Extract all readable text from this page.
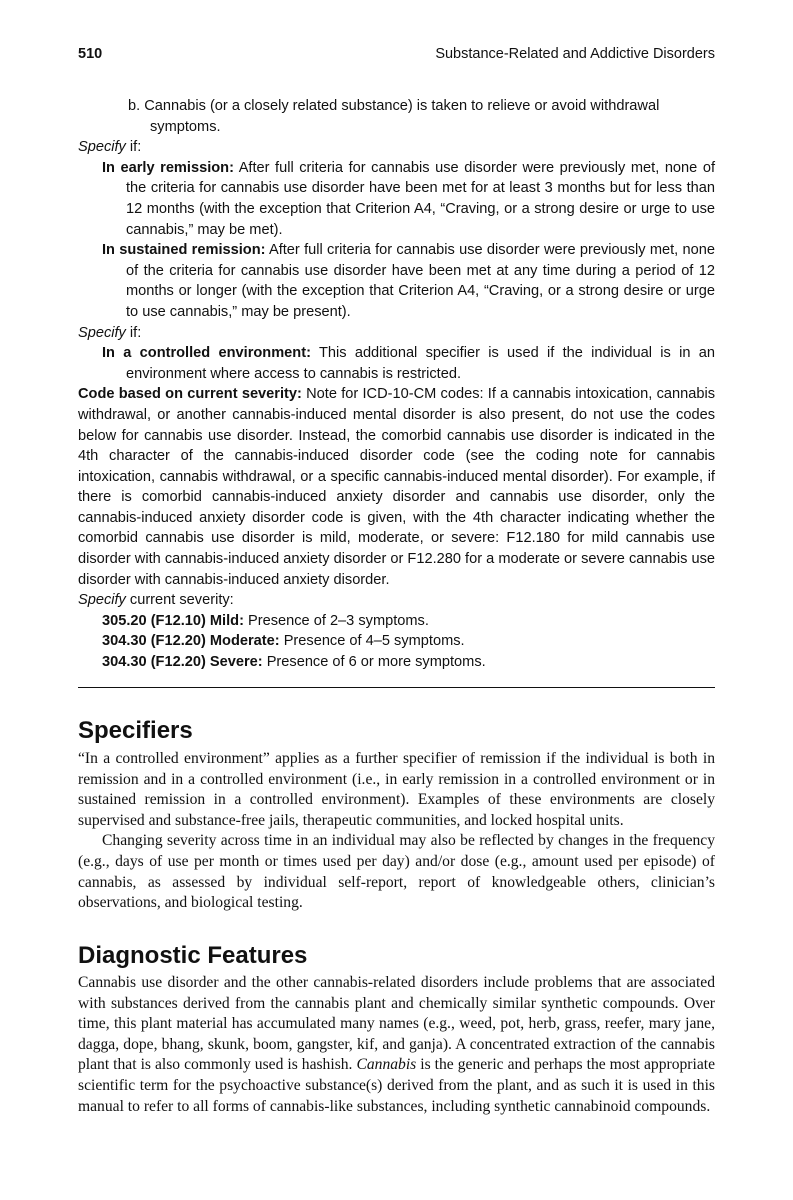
510	Substance-Related and Addictive Disorders

b. Cannabis (or a closely related substance) is taken to relieve or avoid withdrawal symptoms.

Specify if:

In early remission: After full criteria for cannabis use disorder were previously met, none of the criteria for cannabis use disorder have been met for at least 3 months but for less than 12 months (with the exception that Criterion A4, “Craving, or a strong desire or urge to use cannabis,” may be met).

In sustained remission: After full criteria for cannabis use disorder were previously met, none of the criteria for cannabis use disorder have been met at any time during a period of 12 months or longer (with the exception that Criterion A4, “Craving, or a strong desire or urge to use cannabis,” may be present).

Specify if:

In a controlled environment: This additional specifier is used if the individual is in an environment where access to cannabis is restricted.

Code based on current severity: Note for ICD-10-CM codes: If a cannabis intoxication, cannabis withdrawal, or another cannabis-induced mental disorder is also present, do not use the codes below for cannabis use disorder. Instead, the comorbid cannabis use disorder is indicated in the 4th character of the cannabis-induced disorder code (see the coding note for cannabis intoxication, cannabis withdrawal, or a specific cannabis-induced mental disorder). For example, if there is comorbid cannabis-induced anxiety disorder and cannabis use disorder, only the cannabis-induced anxiety disorder code is given, with the 4th character indicating whether the comorbid cannabis use disorder is mild, moderate, or severe: F12.180 for mild cannabis use disorder with cannabis-induced anxiety disorder or F12.280 for a moderate or severe cannabis use disorder with cannabis-induced anxiety disorder.

Specify current severity:

305.20 (F12.10) Mild: Presence of 2–3 symptoms.
304.30 (F12.20) Moderate: Presence of 4–5 symptoms.
304.30 (F12.20) Severe: Presence of 6 or more symptoms.
Specifiers

“In a controlled environment” applies as a further specifier of remission if the individual is both in remission and in a controlled environment (i.e., in early remission in a controlled environment or in sustained remission in a controlled environment). Examples of these environments are closely supervised and substance-free jails, therapeutic communities, and locked hospital units.

Changing severity across time in an individual may also be reflected by changes in the frequency (e.g., days of use per month or times used per day) and/or dose (e.g., amount used per episode) of cannabis, as assessed by individual self-report, report of knowledgeable others, clinician’s observations, and biological testing.

Diagnostic Features

Cannabis use disorder and the other cannabis-related disorders include problems that are associated with substances derived from the cannabis plant and chemically similar synthetic compounds. Over time, this plant material has accumulated many names (e.g., weed, pot, herb, grass, reefer, mary jane, dagga, dope, bhang, skunk, boom, gangster, kif, and ganja). A concentrated extraction of the cannabis plant that is also commonly used is hashish. Cannabis is the generic and perhaps the most appropriate scientific term for the psychoactive substance(s) derived from the plant, and as such it is used in this manual to refer to all forms of cannabis-like substances, including synthetic cannabinoid compounds.
